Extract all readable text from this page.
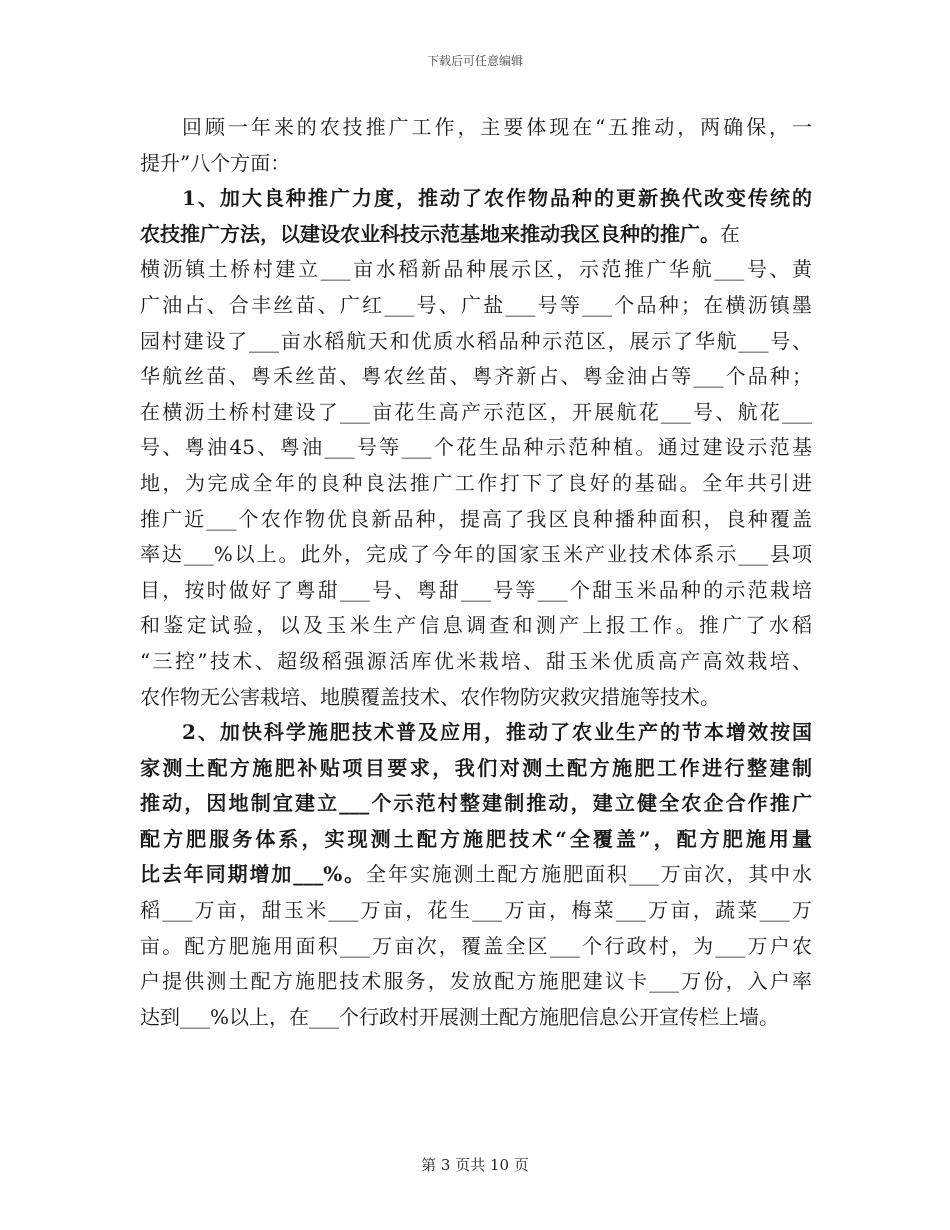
下载后可任意编辑
回顾一年来的农技推广工作，主要体现在“五推动，两确保，一
提升”八个方面：
1、加大良种推广力度，推动了农作物品种的更新换代改变传统的
农技推广方法，以建设农业科技示范基地来推动我区良种的推广。在
横沥镇土桥村建立___亩水稻新品种展示区，示范推广华航___号、黄
广油占、合丰丝苗、广红___号、广盐___号等___个品种；在横沥镇墨
园村建设了___亩水稻航天和优质水稻品种示范区，展示了华航___号、
华航丝苗、粤禾丝苗、粤农丝苗、粤齐新占、粤金油占等___个品种；
在横沥土桥村建设了___亩花生高产示范区，开展航花___号、航花___
号、粤油45、粤油___号等___个花生品种示范种植。通过建设示范基
地，为完成全年的良种良法推广工作打下了良好的基础。全年共引进
推广近___个农作物优良新品种，提高了我区良种播种面积，良种覆盖
率达___%以上。此外，完成了今年的国家玉米产业技术体系示___县项
目，按时做好了粤甜___号、粤甜___号等___个甜玉米品种的示范栽培
和鉴定试验，以及玉米生产信息调查和测产上报工作。推广了水稻
“三控”技术、超级稻强源活库优米栽培、甜玉米优质高产高效栽培、
农作物无公害栽培、地膜覆盖技术、农作物防灾救灾措施等技术。
2、加快科学施肥技术普及应用，推动了农业生产的节本增效按国
家测土配方施肥补贴项目要求，我们对测土配方施肥工作进行整建制
推动，因地制宜建立___个示范村整建制推动，建立健全农企合作推广
配方肥服务体系，实现测土配方施肥技术“全覆盖”，配方肥施用量
比去年同期增加___%。全年实施测土配方施肥面积___万亩次，其中水
稻___万亩，甜玉米___万亩，花生___万亩，梅菜___万亩，蔬菜___万
亩。配方肥施用面积___万亩次，覆盖全区___个行政村，为___万户农
户提供测土配方施肥技术服务，发放配方施肥建议卡___万份，入户率
达到___%以上，在___个行政村开展测土配方施肥信息公开宣传栏上墙。
第 3 页共 10 页
